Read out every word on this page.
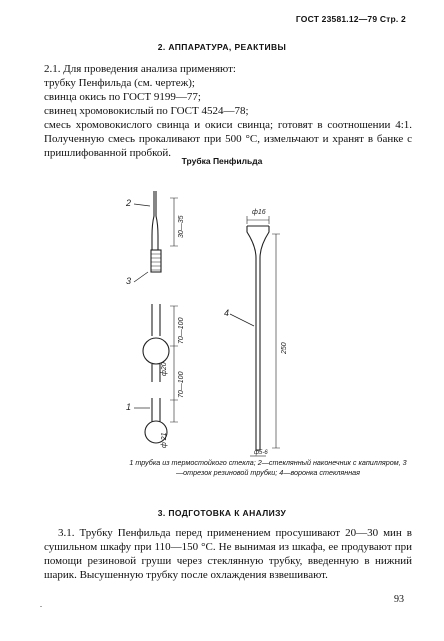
ГОСТ 23581.12—79 Стр. 2
2. АППАРАТУРА, РЕАКТИВЫ
2.1. Для проведения анализа применяют:
трубку Пенфильда (см. чертеж);
свинца окись по ГОСТ 9199—77;
свинец хромовокислый по ГОСТ 4524—78;
смесь хромовокислого свинца и окиси свинца; готовят в соотношении 4:1. Полученную смесь прокаливают при 500 °С, измельчают и хранят в банке с пришлифованной пробкой.
Трубка Пенфильда
2
3
1
4
30—35
70—100
ф20
70—100
ф 21
ф16
250
ф5-6
1 трубка из термостойкого стекла; 2—стеклянный наконечник с капилляром, 3—отрезок резиновой трубки; 4—воронка стеклянная
3. ПОДГОТОВКА К АНАЛИЗУ
3.1. Трубку Пенфильда перед применением просушивают 20—30 мин в сушильном шкафу при 110—150 °С. Не вынимая из шкафа, ее продувают при помощи резиновой груши через стеклянную трубку, введенную в нижний шарик. Высушенную трубку после охлаждения взвешивают.
.	93
